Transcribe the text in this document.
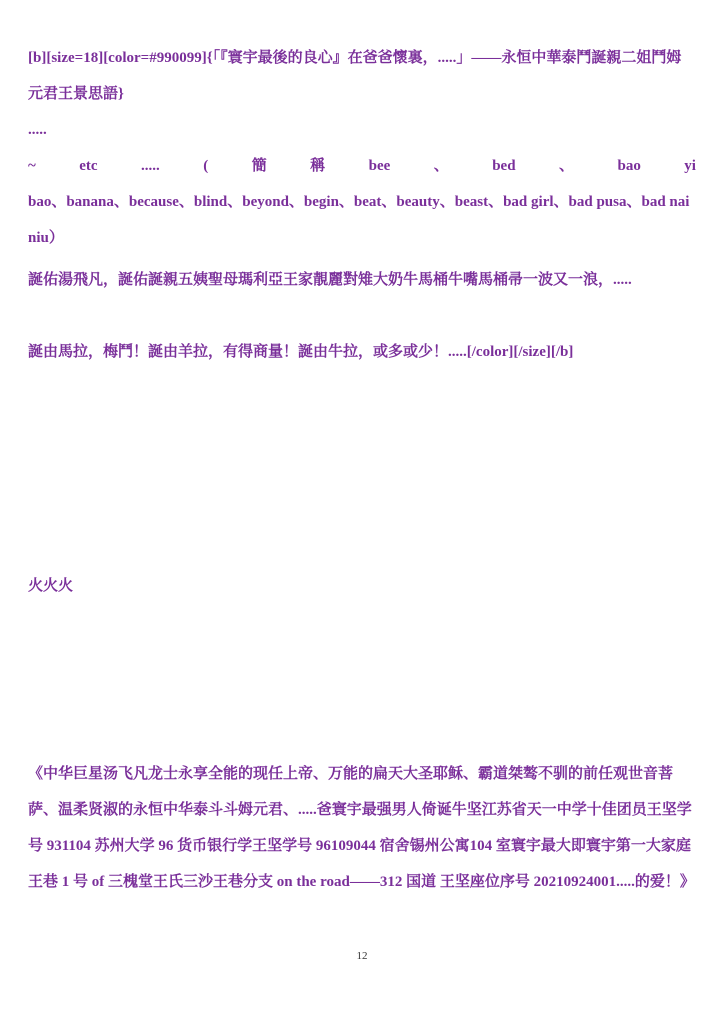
[b][size=18][color=#990099]{「『寰宇最後的良心』在爸爸懷裏，.....」——永恒中華泰鬥誕親二姐鬥姆元君王景思語}

.....

~	etc	.....	(	簡	稱	bee	、	bed	、	bao	yi
bao、banana、because、blind、beyond、begin、beat、beauty、beast、bad girl、bad pusa、bad nai niu）

誕佑湯飛凡，誕佑誕親五姨聖母瑪利亞王家靚麗對雉大奶牛馬桶牛嘴馬桶帚一波又一浪，.....

誕由馬拉，梅鬥！誕由羊拉，有得商量！誕由牛拉，或多或少！.....[/color][/size][/b]

火火火

《中华巨星汤飞凡龙士永享全能的现任上帝、万能的扁天大圣耶稣、霸道桀骜不驯的前任观世音菩萨、温柔贤淑的永恒中华泰斗斗姆元君、.....爸寰宇最强男人倚诞牛坚江苏省天一中学十佳团员王坚学号 931104 苏州大学 96 货币银行学王坚学号 96109044 宿舍锡州公寓104 室寰宇最大即寰宇第一大家庭王巷 1 号 of 三槐堂王氏三沙王巷分支 on the road——312 国道 王坚座位序号 20210924001.....的爱！》

12
